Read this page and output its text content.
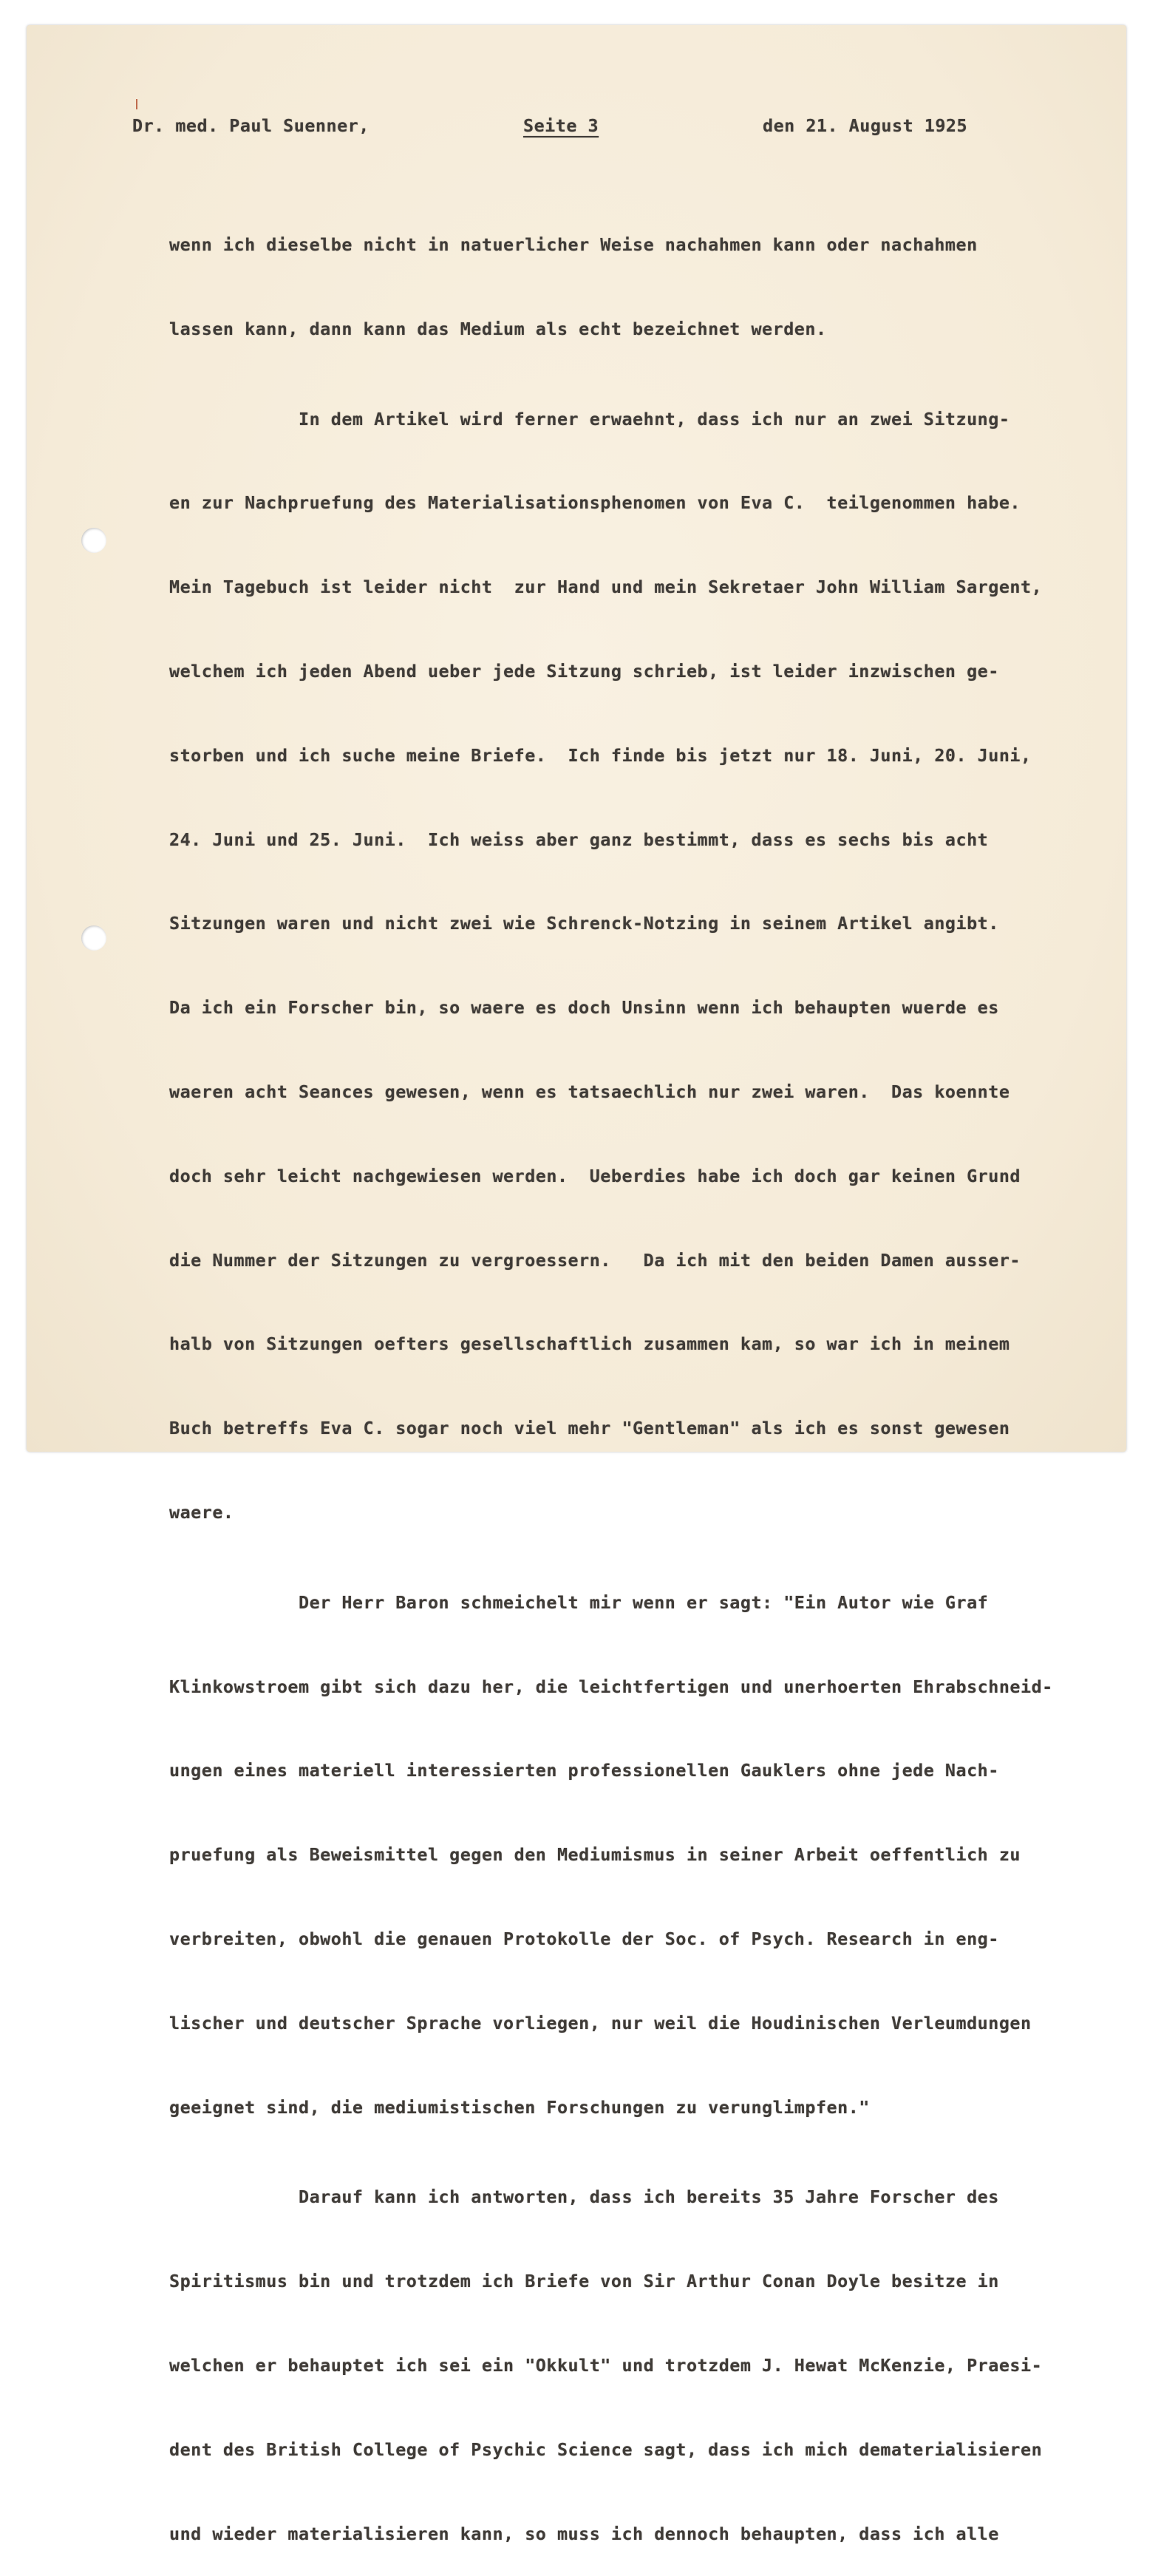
Dr. med. Paul Suenner,	Seite 3	den 21. August 1925

wenn ich dieselbe nicht in natuerlicher Weise nachahmen kann oder nachahmen

lassen kann, dann kann das Medium als echt bezeichnet werden.

In dem Artikel wird ferner erwaehnt, dass ich nur an zwei Sitzung-

en zur Nachpruefung des Materialisationsphenomen von Eva C.  teilgenommen habe.

Mein Tagebuch ist leider nicht  zur Hand und mein Sekretaer John William Sargent,

welchem ich jeden Abend ueber jede Sitzung schrieb, ist leider inzwischen ge-

storben und ich suche meine Briefe.  Ich finde bis jetzt nur 18. Juni, 20. Juni,

24. Juni und 25. Juni.  Ich weiss aber ganz bestimmt, dass es sechs bis acht

Sitzungen waren und nicht zwei wie Schrenck-Notzing in seinem Artikel angibt.

Da ich ein Forscher bin, so waere es doch Unsinn wenn ich behaupten wuerde es

waeren acht Seances gewesen, wenn es tatsaechlich nur zwei waren.  Das koennte

doch sehr leicht nachgewiesen werden.  Ueberdies habe ich doch gar keinen Grund

die Nummer der Sitzungen zu vergroessern.   Da ich mit den beiden Damen ausser-

halb von Sitzungen oefters gesellschaftlich zusammen kam, so war ich in meinem

Buch betreffs Eva C. sogar noch viel mehr "Gentleman" als ich es sonst gewesen

waere.

Der Herr Baron schmeichelt mir wenn er sagt: "Ein Autor wie Graf

Klinkowstroem gibt sich dazu her, die leichtfertigen und unerhoerten Ehrabschneid-

ungen eines materiell interessierten professionellen Gauklers ohne jede Nach-

pruefung als Beweismittel gegen den Mediumismus in seiner Arbeit oeffentlich zu

verbreiten, obwohl die genauen Protokolle der Soc. of Psych. Research in eng-

lischer und deutscher Sprache vorliegen, nur weil die Houdinischen Verleumdungen

geeignet sind, die mediumistischen Forschungen zu verunglimpfen."

Darauf kann ich antworten, dass ich bereits 35 Jahre Forscher des

Spiritismus bin und trotzdem ich Briefe von Sir Arthur Conan Doyle besitze in

welchen er behauptet ich sei ein "Okkult" und trotzdem J. Hewat McKenzie, Praesi-

dent des British College of Psychic Science sagt, dass ich mich dematerialisieren

und wieder materialisieren kann, so muss ich dennoch behaupten, dass ich alle
